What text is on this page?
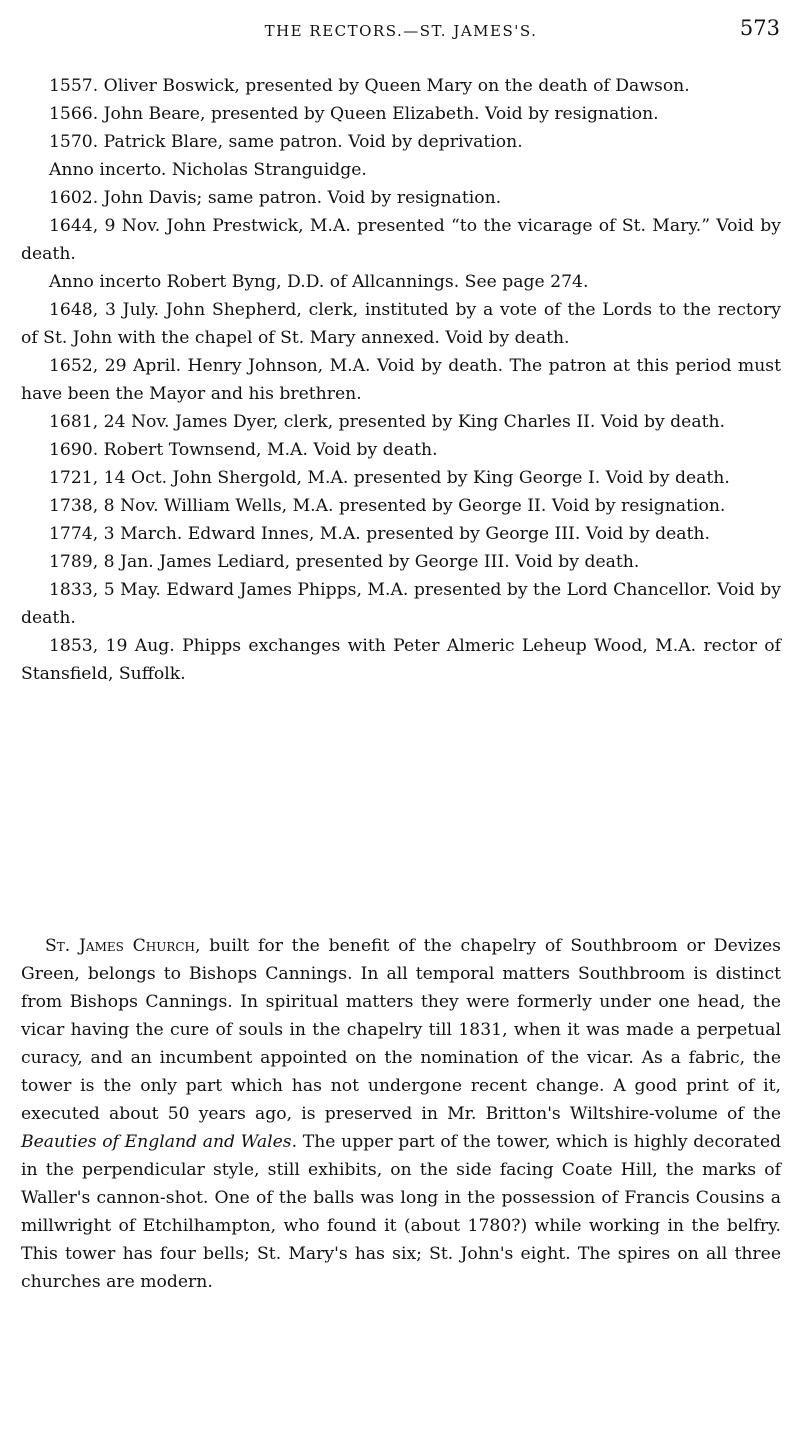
THE RECTORS.—ST. JAMES'S.	573

1557. Oliver Boswick, presented by Queen Mary on the death of Dawson.

1566. John Beare, presented by Queen Elizabeth. Void by resignation.

1570. Patrick Blare, same patron. Void by deprivation.

Anno incerto. Nicholas Stranguidge.

1602. John Davis; same patron. Void by resignation.

1644, 9 Nov. John Prestwick, M.A. presented “to the vicarage of St. Mary.” Void by death.

Anno incerto Robert Byng, D.D. of Allcannings. See page 274.

1648, 3 July. John Shepherd, clerk, instituted by a vote of the Lords to the rectory of St. John with the chapel of St. Mary annexed. Void by death.

1652, 29 April. Henry Johnson, M.A. Void by death. The patron at this period must have been the Mayor and his brethren.

1681, 24 Nov. James Dyer, clerk, presented by King Charles II. Void by death.

1690. Robert Townsend, M.A. Void by death.

1721, 14 Oct. John Shergold, M.A. presented by King George I. Void by death.

1738, 8 Nov. William Wells, M.A. presented by George II. Void by resignation.

1774, 3 March. Edward Innes, M.A. presented by George III. Void by death.

1789, 8 Jan. James Lediard, presented by George III. Void by death.

1833, 5 May. Edward James Phipps, M.A. presented by the Lord Chancellor. Void by death.

1853, 19 Aug. Phipps exchanges with Peter Almeric Leheup Wood, M.A. rector of Stansfield, Suffolk.

St. James Church, built for the benefit of the chapelry of Southbroom or Devizes Green, belongs to Bishops Cannings. In all temporal matters Southbroom is distinct from Bishops Cannings. In spiritual matters they were formerly under one head, the vicar having the cure of souls in the chapelry till 1831, when it was made a perpetual curacy, and an incumbent appointed on the nomination of the vicar. As a fabric, the tower is the only part which has not undergone recent change. A good print of it, executed about 50 years ago, is preserved in Mr. Britton's Wiltshire-volume of the Beauties of England and Wales. The upper part of the tower, which is highly decorated in the perpendicular style, still exhibits, on the side facing Coate Hill, the marks of Waller's cannon-shot. One of the balls was long in the possession of Francis Cousins a millwright of Etchilhampton, who found it (about 1780?) while working in the belfry. This tower has four bells; St. Mary's has six; St. John's eight. The spires on all three churches are modern.
